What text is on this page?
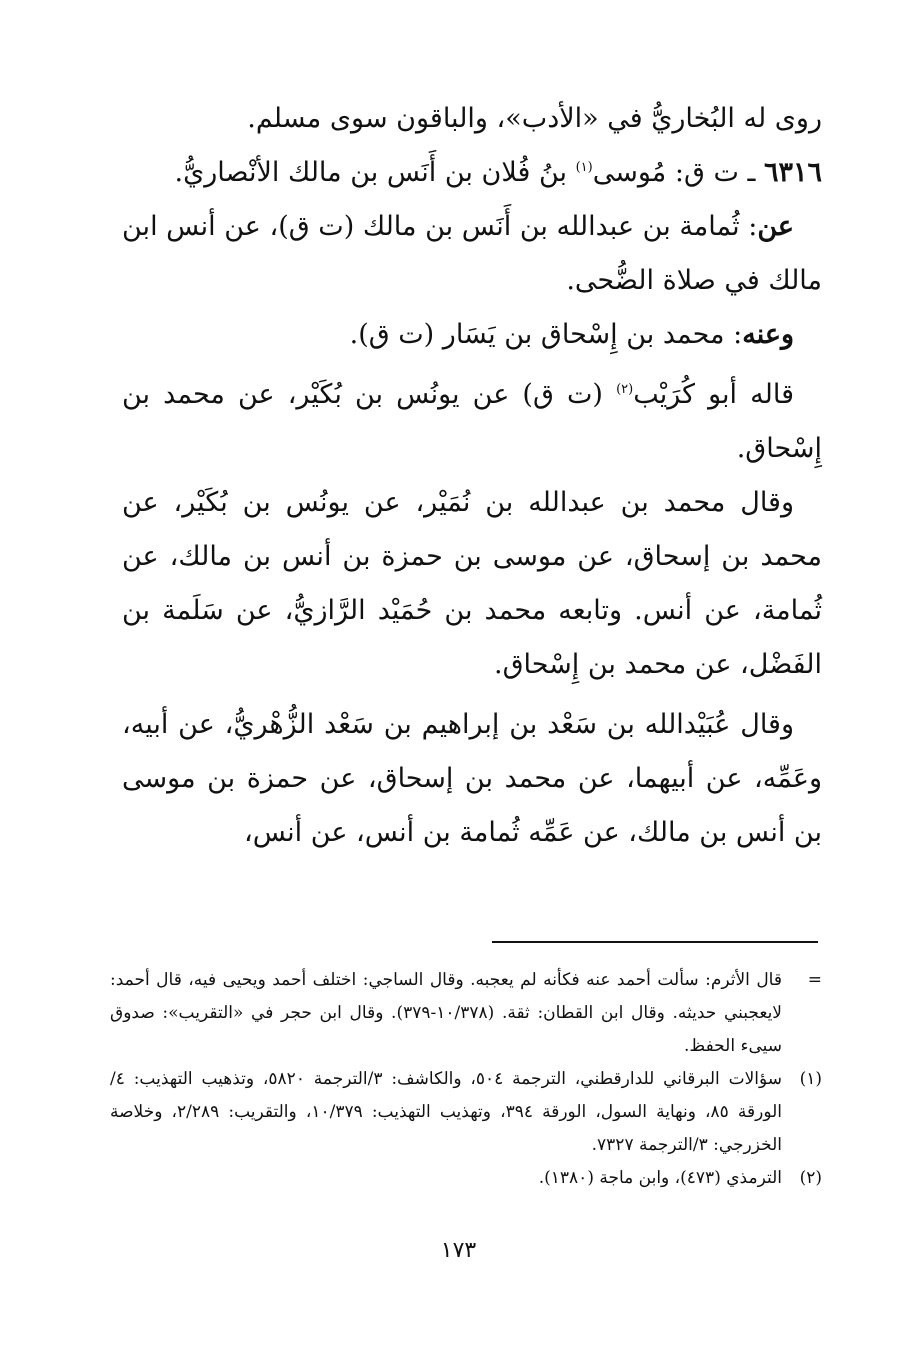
روى له البُخاريُّ في «الأدب»، والباقون سوى مسلم.

٦٣١٦ ـ ت ق: مُوسى$^{(١)}$ بنُ فُلان بن أَنَس بن مالك الأنْصاريُّ.

عن: ثُمامة بن عبدالله بن أَنَس بن مالك (ت ق)، عن أنس ابن مالك في صلاة الضُّحى.

وعنه: محمد بن إِسْحاق بن يَسَار (ت ق).

قاله أبو كُرَيْب$^{(٢)}$ (ت ق) عن يونُس بن بُكَيْر، عن محمد بن إِسْحاق.

وقال محمد بن عبدالله بن نُمَيْر، عن يونُس بن بُكَيْر، عن محمد بن إسحاق، عن موسى بن حمزة بن أنس بن مالك، عن ثُمامة، عن أنس. وتابعه محمد بن حُمَيْد الرَّازيُّ، عن سَلَمة بن الفَضْل، عن محمد بن إِسْحاق.

وقال عُبَيْدالله بن سَعْد بن إبراهيم بن سَعْد الزُّهْريُّ، عن أبيه، وعَمِّه، عن أبيهما، عن محمد بن إسحاق، عن حمزة بن موسى بن أنس بن مالك، عن عَمِّه ثُمامة بن أنس، عن أنس،

=
قال الأثرم: سألت أحمد عنه فكأنه لم يعجبه. وقال الساجي: اختلف أحمد ويحيى فيه، قال أحمد: لايعجبني حديثه. وقال ابن القطان: ثقة. (١٠/٣٧٨-٣٧٩). وقال ابن حجر في «التقريب»: صدوق سيىء الحفظ.
(١)
سؤالات البرقاني للدارقطني، الترجمة ٥٠٤، والكاشف: ٣/الترجمة ٥٨٢٠، وتذهيب التهذيب: ٤/الورقة ٨٥، ونهاية السول، الورقة ٣٩٤، وتهذيب التهذيب: ١٠/٣٧٩، والتقريب: ٢/٢٨٩، وخلاصة الخزرجي: ٣/الترجمة ٧٣٢٧.
(٢)
الترمذي (٤٧٣)، وابن ماجة (١٣٨٠).
١٧٣
